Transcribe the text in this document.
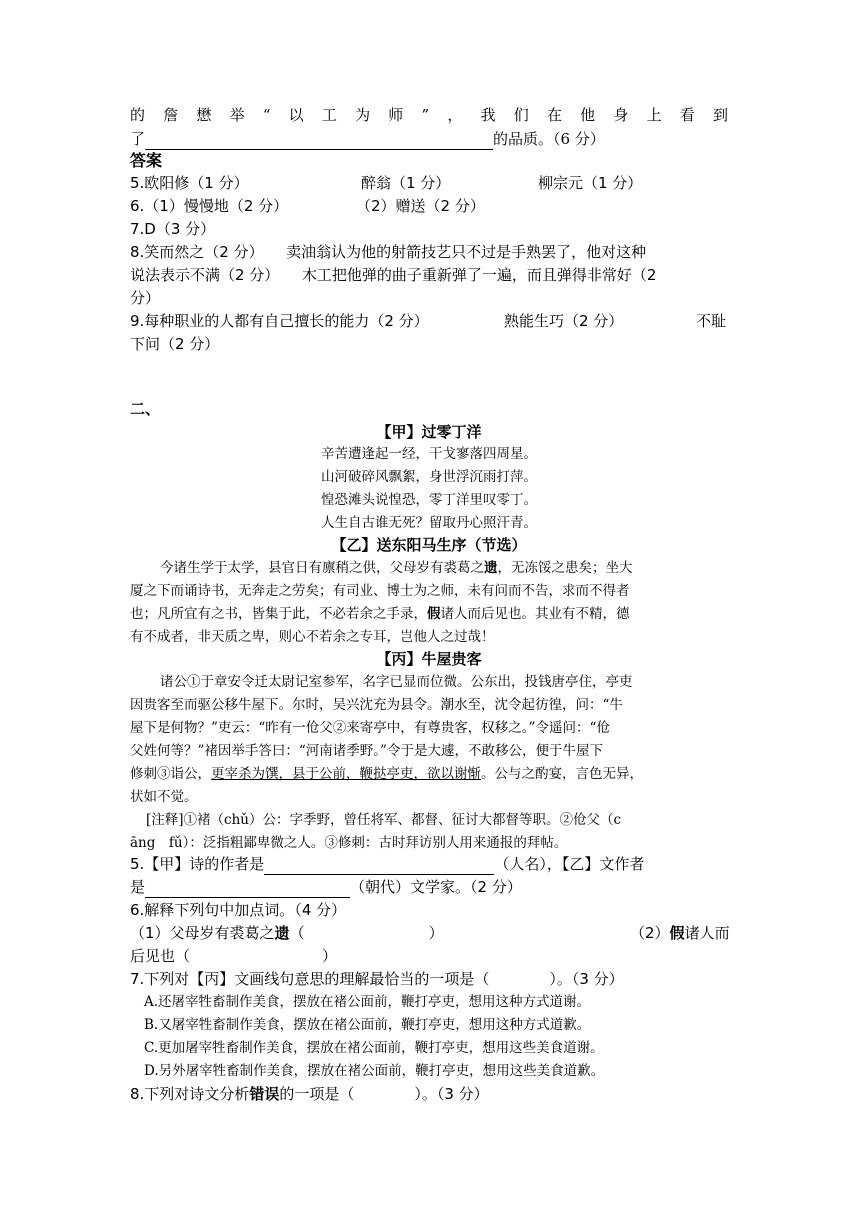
的 詹 懋 举 “ 以 工 为 师 ” ， 我 们 在 他 身 上 看 到
了	的品质。（6 分）
答案
5.欧阳修（1 分）	醉翁（1 分）	柳宗元（1 分）
6.（1）慢慢地（2 分）	（2）赠送（2 分）
7.D（3 分）
8.笑而然之（2 分）　　卖油翁认为他的射箭技艺只不过是手熟罢了，他对这种
说法表示不满（2 分）　　木工把他弹的曲子重新弹了一遍，而且弹得非常好（2
分）
9.每种职业的人都有自己擅长的能力（2 分）	熟能生巧（2 分）	不耻
下问（2 分）
二、
【甲】过零丁洋
辛苦遭逢起一经，干戈寥落四周星。
山河破碎风飘絮，身世浮沉雨打萍。
惶恐滩头说惶恐，零丁洋里叹零丁。
人生自古谁无死？留取丹心照汗青。
【乙】送东阳马生序（节选）
今诸生学于太学，县官日有廪稍之供，父母岁有裘葛之遗，无冻馁之患矣；坐大
厦之下而诵诗书，无奔走之劳矣；有司业、博士为之师，未有问而不告，求而不得者
也；凡所宜有之书，皆集于此，不必若余之手录，假诸人而后见也。其业有不精，德
有不成者，非天质之卑，则心不若余之专耳，岂他人之过哉！
【丙】牛屋贵客
诸公①于章安令迁太尉记室参军，名字已显而位微。公东出，投钱唐亭住，亭吏
因贵客至而驱公移牛屋下。尔时，吴兴沈充为县令。潮水至，沈令起彷徨，问：“牛
屋下是何物？”吏云：“昨有一伧父②来寄亭中，有尊贵客，权移之。”令遥问：“伧
父姓何等？”褚因举手答曰：“河南诸季野。”令于是大遽，不敢移公，便于牛屋下
修刺③诣公，更宰杀为馔，县于公前，鞭挞亭吏，欲以谢惭。公与之酌宴，言色无异，
状如不觉。
[注释]①褚（chǔ）公：字季野，曾任将军、都督、征讨大都督等职。②伧父（c
āng　fǔ）：泛指粗鄙卑微之人。③修刺：古时拜访别人用来通报的拜帖。
5.【甲】诗的作者是	（人名），【乙】文作者
是	（朝代）文学家。（2 分）
6.解释下列句中加点词。（4 分）
（1）父母岁有裘葛之遗（	）	（2）假诸人而
后见也（	）
7.下列对【丙】文画线句意思的理解最恰当的一项是（　　　　）。（3 分）
A.还屠宰牲畜制作美食，摆放在褚公面前，鞭打亭吏，想用这种方式道谢。
B.又屠宰牲畜制作美食，摆放在褚公面前，鞭打亭吏，想用这种方式道歉。
C.更加屠宰牲畜制作美食，摆放在褚公面前，鞭打亭吏，想用这些美食道谢。
D.另外屠宰牲畜制作美食，摆放在褚公面前，鞭打亭吏，想用这些美食道歉。
8.下列对诗文分析错误的一项是（　　　　）。（3 分）
